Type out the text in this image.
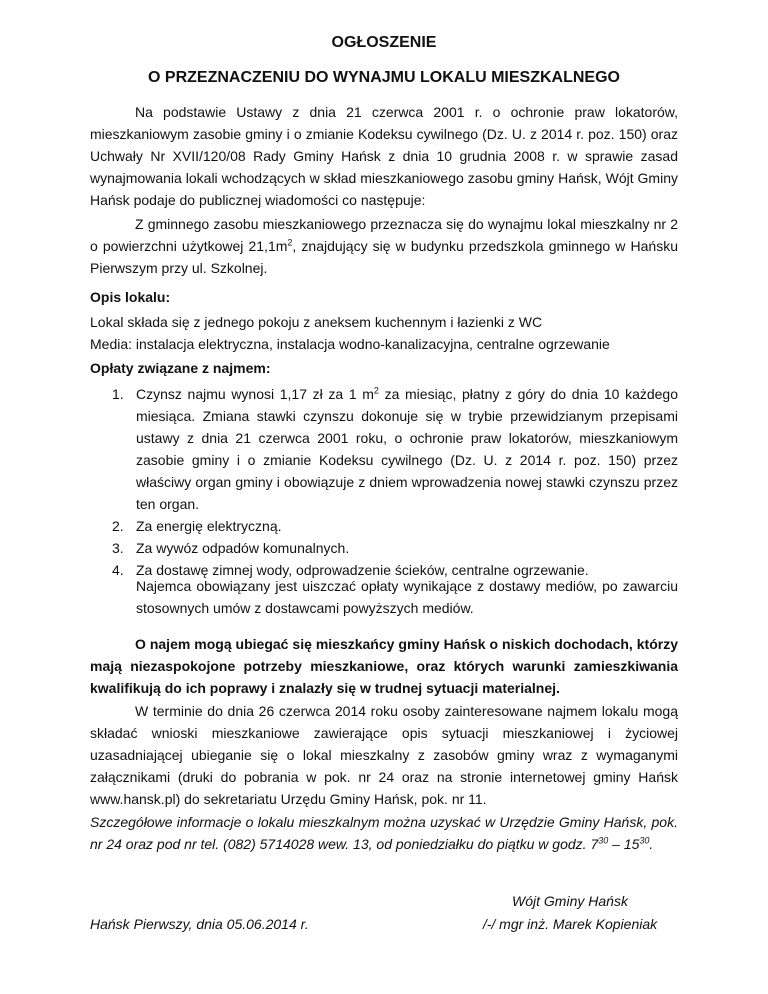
OGŁOSZENIE
O PRZEZNACZENIU DO WYNAJMU LOKALU MIESZKALNEGO

Na podstawie Ustawy z dnia 21 czerwca 2001 r. o ochronie praw lokatorów, mieszkaniowym zasobie gminy i o zmianie Kodeksu cywilnego (Dz. U. z 2014 r. poz. 150) oraz Uchwały Nr XVII/120/08 Rady Gminy Hańsk z dnia 10 grudnia 2008 r. w sprawie zasad wynajmowania lokali wchodzących w skład mieszkaniowego zasobu gminy Hańsk, Wójt Gminy Hańsk podaje do publicznej wiadomości co następuje:

Z gminnego zasobu mieszkaniowego przeznacza się do wynajmu lokal mieszkalny nr 2 o powierzchni użytkowej $21,1m^2$, znajdujący się w budynku przedszkola gminnego w Hańsku Pierwszym przy ul. Szkolnej.

Opis lokalu:
Lokal składa się z jednego pokoju z aneksem kuchennym i łazienki z WC
Media: instalacja elektryczna, instalacja wodno-kanalizacyjna, centralne ogrzewanie
Opłaty związane z najmem:
1. Czynsz najmu wynosi 1,17 zł za 1 $m^2$ za miesiąc, płatny z góry do dnia 10 każdego miesiąca. Zmiana stawki czynszu dokonuje się w trybie przewidzianym przepisami ustawy z dnia 21 czerwca 2001 roku, o ochronie praw lokatorów, mieszkaniowym zasobie gminy i o zmianie Kodeksu cywilnego (Dz. U. z 2014 r. poz. 150) przez właściwy organ gminy i obowiązuje z dniem wprowadzenia nowej stawki czynszu przez ten organ.
2. Za energię elektryczną.
3. Za wywóz odpadów komunalnych.
4. Za dostawę zimnej wody, odprowadzenie ścieków, centralne ogrzewanie.

Najemca obowiązany jest uiszczać opłaty wynikające z dostawy mediów, po zawarciu stosownych umów z dostawcami powyższych mediów.

O najem mogą ubiegać się mieszkańcy gminy Hańsk o niskich dochodach, którzy mają niezaspokojone potrzeby mieszkaniowe, oraz których warunki zamieszkiwania kwalifikują do ich poprawy i znalazły się w trudnej sytuacji materialnej.

W terminie do dnia 26 czerwca 2014 roku osoby zainteresowane najmem lokalu mogą składać wnioski mieszkaniowe zawierające opis sytuacji mieszkaniowej i życiowej uzasadniającej ubieganie się o lokal mieszkalny z zasobów gminy wraz z wymaganymi załącznikami (druki do pobrania w pok. nr 24 oraz na stronie internetowej gminy Hańsk www.hansk.pl) do sekretariatu Urzędu Gminy Hańsk, pok. nr 11.

Szczegółowe informacje o lokalu mieszkalnym można uzyskać w Urzędzie Gminy Hańsk, pok. nr 24 oraz pod nr tel. (082) 5714028 wew. 13, od poniedziałku do piątku w godz. $7^{30} - 15^{30}$.

Wójt Gminy Hańsk
/-/ mgr inż. Marek Kopieniak
Hańsk Pierwszy, dnia 05.06.2014 r.
